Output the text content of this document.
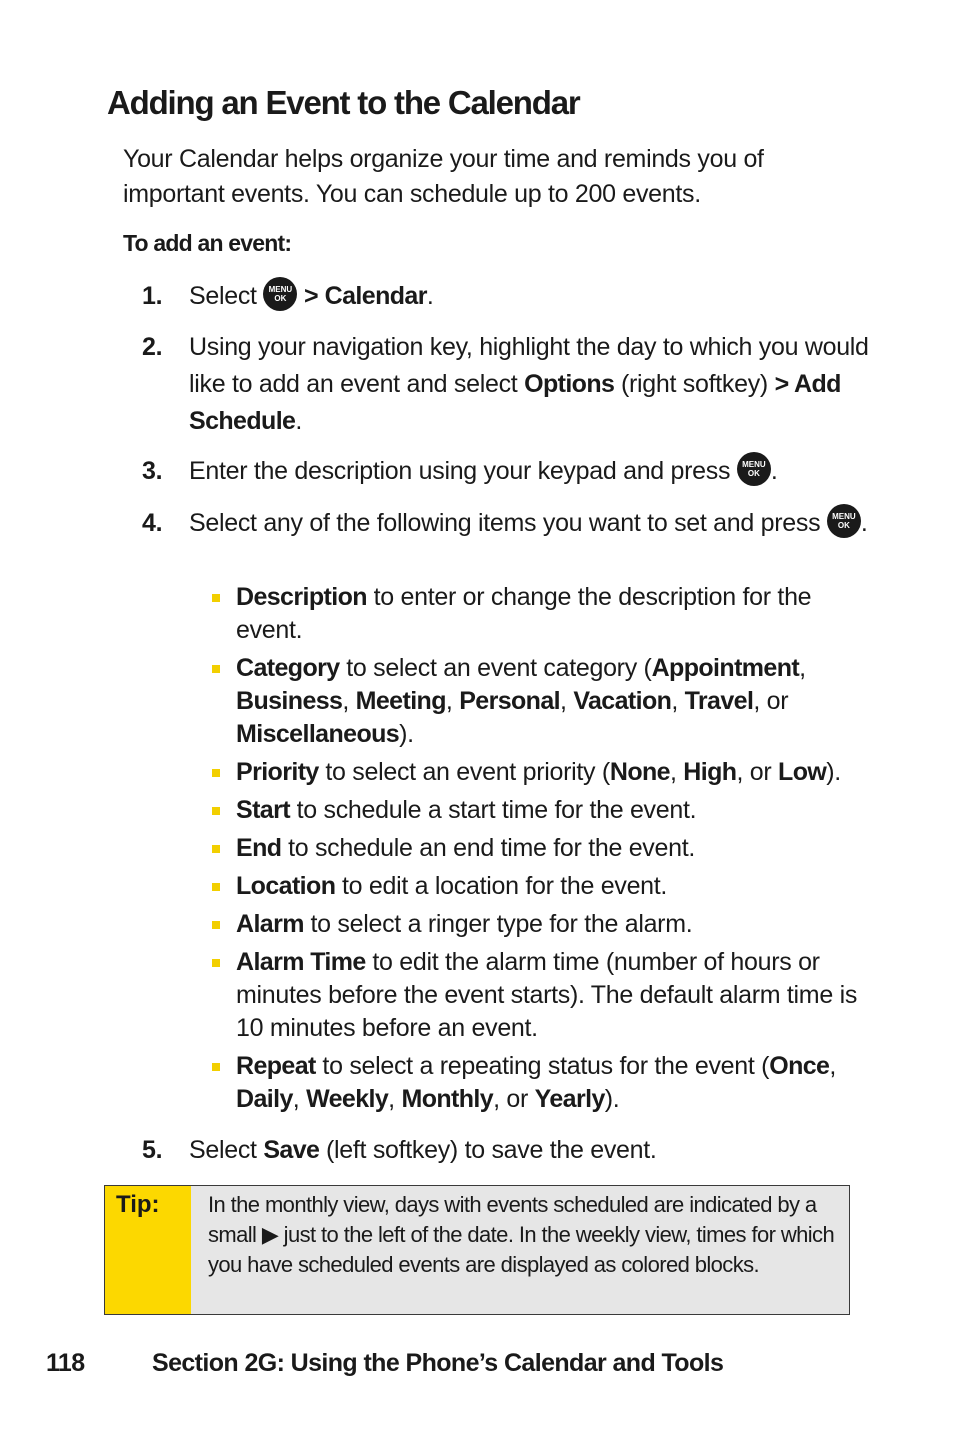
Adding an Event to the Calendar

Your Calendar helps organize your time and reminds you of important events. You can schedule up to 200 events.

To add an event:

1. Select	MENU
OK > Calendar.
2. Using your navigation key, highlight the day to which you would like to add an event and select Options (right softkey) > Add Schedule.
3. Enter the description using your keypad and press	MENU
OK .
4. Select any of the following items you want to set and press	MENU
OK .
Description to enter or change the description for the event.
Category to select an event category (Appointment, Business, Meeting, Personal, Vacation, Travel, or Miscellaneous).
Priority to select an event priority (None, High, or Low).
Start to schedule a start time for the event.
End to schedule an end time for the event.
Location to edit a location for the event.
Alarm to select a ringer type for the alarm.
Alarm Time to edit the alarm time (number of hours or minutes before the event starts). The default alarm time is 10 minutes before an event.
Repeat to select a repeating status for the event (Once, Daily, Weekly, Monthly, or Yearly).
5. Select Save (left softkey) to save the event.
Tip:	In the monthly view, days with events scheduled are indicated by a small ▶ just to the left of the date. In the weekly view, times for which you have scheduled events are displayed as colored blocks.

118	Section 2G: Using the Phone’s Calendar and Tools
